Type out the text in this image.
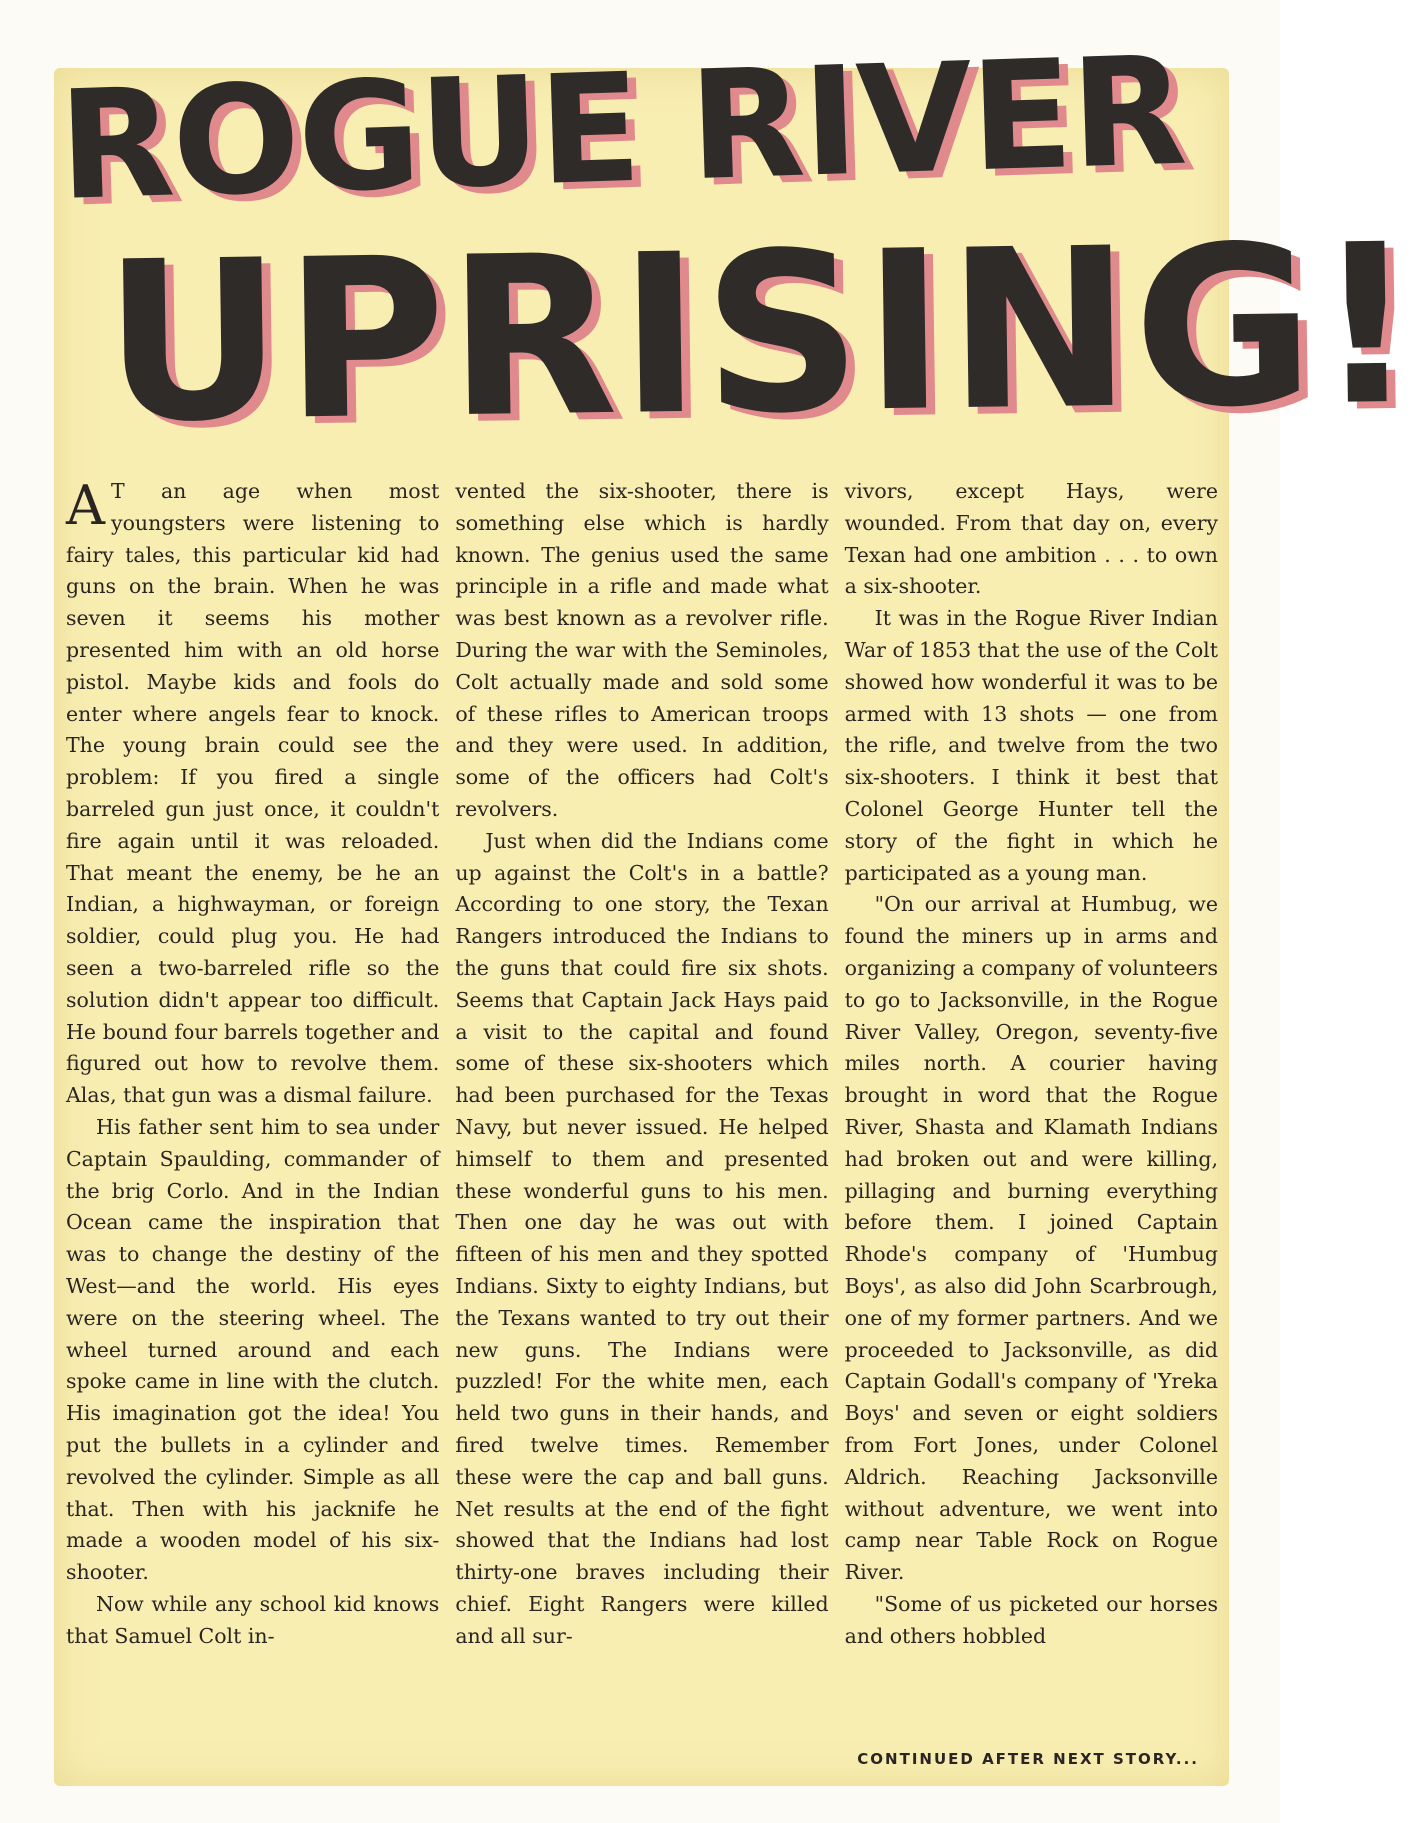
ROGUE RIVER
UPRISING!

A T an age when most youngsters were listening to fairy tales, this particular kid had guns on the brain. When he was seven it seems his mother presented him with an old horse pistol. Maybe kids and fools do enter where angels fear to knock. The young brain could see the problem: If you fired a single barreled gun just once, it couldn't fire again until it was reloaded. That meant the enemy, be he an Indian, a highwayman, or foreign soldier, could plug you. He had seen a two-barreled rifle so the solution didn't appear too difficult. He bound four barrels together and figured out how to revolve them. Alas, that gun was a dismal failure.

His father sent him to sea under Captain Spaulding, commander of the brig Corlo. And in the Indian Ocean came the inspiration that was to change the destiny of the West—and the world. His eyes were on the steering wheel. The wheel turned around and each spoke came in line with the clutch. His imagination got the idea! You put the bullets in a cylinder and revolved the cylinder. Simple as all that. Then with his jacknife he made a wooden model of his six-shooter.

Now while any school kid knows that Samuel Colt in-

vented the six-shooter, there is something else which is hardly known. The genius used the same principle in a rifle and made what was best known as a revolver rifle. During the war with the Seminoles, Colt actually made and sold some of these rifles to American troops and they were used. In addition, some of the officers had Colt's revolvers.

Just when did the Indians come up against the Colt's in a battle? According to one story, the Texan Rangers introduced the Indians to the guns that could fire six shots. Seems that Captain Jack Hays paid a visit to the capital and found some of these six-shooters which had been purchased for the Texas Navy, but never issued. He helped himself to them and presented these wonderful guns to his men. Then one day he was out with fifteen of his men and they spotted Indians. Sixty to eighty Indians, but the Texans wanted to try out their new guns. The Indians were puzzled! For the white men, each held two guns in their hands, and fired twelve times. Remember these were the cap and ball guns. Net results at the end of the fight showed that the Indians had lost thirty-one braves including their chief. Eight Rangers were killed and all sur-

vivors, except Hays, were wounded. From that day on, every Texan had one ambition . . . to own a six-shooter.

It was in the Rogue River Indian War of 1853 that the use of the Colt showed how wonderful it was to be armed with 13 shots — one from the rifle, and twelve from the two six-shooters. I think it best that Colonel George Hunter tell the story of the fight in which he participated as a young man.

"On our arrival at Humbug, we found the miners up in arms and organizing a company of volunteers to go to Jacksonville, in the Rogue River Valley, Oregon, seventy-five miles north. A courier having brought in word that the Rogue River, Shasta and Klamath Indians had broken out and were killing, pillaging and burning everything before them. I joined Captain Rhode's company of 'Humbug Boys', as also did John Scarbrough, one of my former partners. And we proceeded to Jacksonville, as did Captain Godall's company of 'Yreka Boys' and seven or eight soldiers from Fort Jones, under Colonel Aldrich. Reaching Jacksonville without adventure, we went into camp near Table Rock on Rogue River.

"Some of us picketed our horses and others hobbled

CONTINUED AFTER NEXT STORY...
